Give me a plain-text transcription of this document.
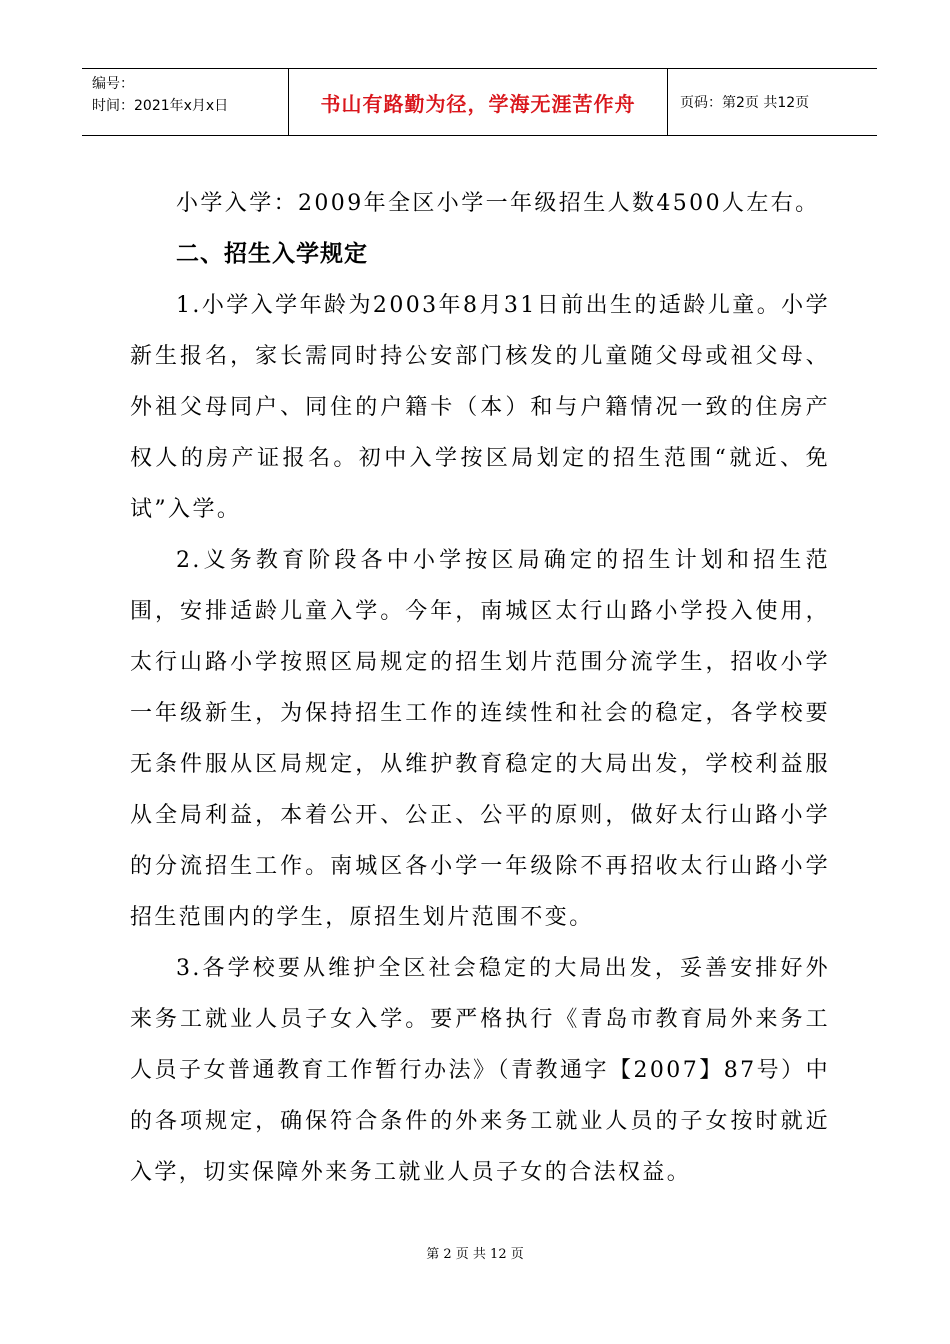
编号：
时间：2021年x月x日	书山有路勤为径，学海无涯苦作舟	页码：第2页 共12页

小学入学：2009年全区小学一年级招生人数4500人左右。

二、招生入学规定

1.小学入学年龄为2003年8月31日前出生的适龄儿童。小学新生报名，家长需同时持公安部门核发的儿童随父母或祖父母、外祖父母同户、同住的户籍卡（本）和与户籍情况一致的住房产权人的房产证报名。初中入学按区局划定的招生范围“就近、免试”入学。

2.义务教育阶段各中小学按区局确定的招生计划和招生范围，安排适龄儿童入学。今年，南城区太行山路小学投入使用，太行山路小学按照区局规定的招生划片范围分流学生，招收小学一年级新生，为保持招生工作的连续性和社会的稳定，各学校要无条件服从区局规定，从维护教育稳定的大局出发，学校利益服从全局利益，本着公开、公正、公平的原则，做好太行山路小学的分流招生工作。南城区各小学一年级除不再招收太行山路小学招生范围内的学生，原招生划片范围不变。

3.各学校要从维护全区社会稳定的大局出发，妥善安排好外来务工就业人员子女入学。要严格执行《青岛市教育局外来务工人员子女普通教育工作暂行办法》（青教通字【2007】87号）中的各项规定，确保符合条件的外来务工就业人员的子女按时就近入学，切实保障外来务工就业人员子女的合法权益。

第 2 页 共 12 页
